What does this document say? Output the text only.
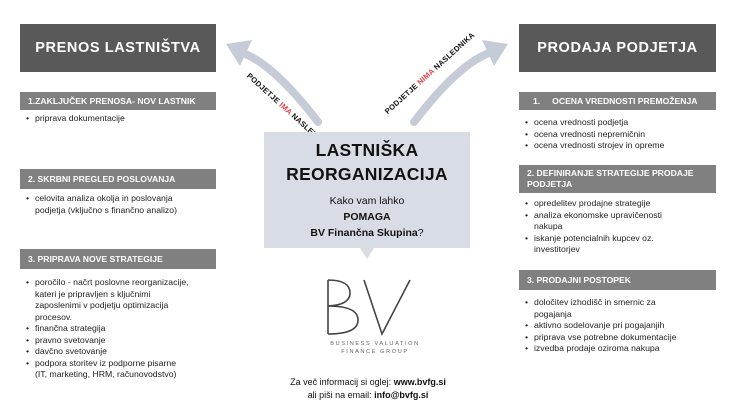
PODJETJE IMA	PODJETJE NIMA NASLEDNIKA
PRENOS LASTNIŠTVA
1. ZAKLJUČEK PRENOSA- NOV LASTNIK
• priprava dokumentacije
2. SKRBNI PREGLED POSLOVANJA
• celovita analiza okolja in poslovanja
podjetja (vključno s finančno analizo)
3. PRIPRAVA NOVE STRATEGIJE
• poročilo - načrt poslovne reorganizacije,
kateri je pripravljen s ključnimi
zaposlenimi v podjetju optimizacija
procesov.
• finančna strategija
• pravno svetovanje
• davčno svetovanje
• podpora storitev iz podporne pisarne
(IT, marketing, HRM, računovodstvo)
LASTNIŠKA
REORGANIZACIJA
Kako vam lahko
POMAGA
BV Finančna Skupina?
BUSINESS VALUATION
FINANCE GROUP
Za več informacij si oglej: www.bvfg.si
ali piši na email: info@bvfg.si
PRODAJA PODJETJA
1. OCENA VREDNOSTI PREMOŽENJA
• ocena vrednosti podjetja
• ocena vrednosti nepremičnin
• ocena vrednosti strojev in opreme
2. DEFINIRANJE STRATEGIJE PRODAJE
PODJETJA
• opredelitev prodajne strategije
• analiza ekonomske upravičenosti
nakupa
• iskanje potencialnih kupcev oz.
investitorjev
3. PRODAJNI POSTOPEK
• določitev izhodišč in smernic za
pogajanja
• aktivno sodelovanje pri pogajanjih
• priprava vse potrebne dokumentacije
• izvedba prodaje oziroma nakupa
